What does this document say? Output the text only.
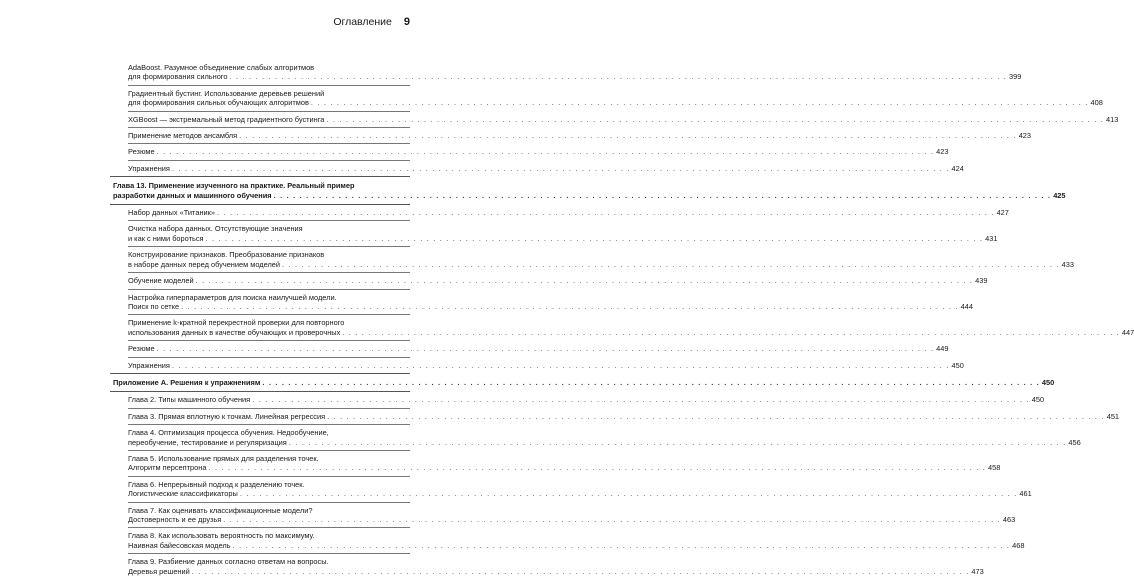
Оглавление 9
AdaBoost. Разумное объединение слабых алгоритмов
для формирования сильного . . . . . . . . . . . . . . . . . . . . . . . . . . . . . . . . . . . . . . . . . . . . . . . . . . . . . . . . . . . . . . . . . . . . . . . . . . . . . . . . . . . . . . . . . . . . . . . . . . . . . . . . . . . . . . . . . . . . . . . . 399
Градиентный бустинг. Использование деревьев решений
для формирования сильных обучающих алгоритмов . . . . . . . . . . . . . . . . . . . . . . . . . . . . . . . . . . . . . . . . . . . . . . . . . . . . . . . . . . . . . . . . . . . . . . . . . . . . . . . . . . . . . . . . . . . . . . . . . . . . . . . . . . . . . . . . . . . . . . . . 408
XGBoost — экстремальный метод градиентного бустинга . . . . . . . . . . . . . . . . . . . . . . . . . . . . . . . . . . . . . . . . . . . . . . . . . . . . . . . . . . . . . . . . . . . . . . . . . . . . . . . . . . . . . . . . . . . . . . . . . . . . . . . . . . . . . . . . . . . . . . . . 413
Применение методов ансамбля . . . . . . . . . . . . . . . . . . . . . . . . . . . . . . . . . . . . . . . . . . . . . . . . . . . . . . . . . . . . . . . . . . . . . . . . . . . . . . . . . . . . . . . . . . . . . . . . . . . . . . . . . . . . . . . . . . . . . . . . 423
Резюме . . . . . . . . . . . . . . . . . . . . . . . . . . . . . . . . . . . . . . . . . . . . . . . . . . . . . . . . . . . . . . . . . . . . . . . . . . . . . . . . . . . . . . . . . . . . . . . . . . . . . . . . . . . . . . . . . . . . . . . . 423
Упражнения . . . . . . . . . . . . . . . . . . . . . . . . . . . . . . . . . . . . . . . . . . . . . . . . . . . . . . . . . . . . . . . . . . . . . . . . . . . . . . . . . . . . . . . . . . . . . . . . . . . . . . . . . . . . . . . . . . . . . . . . 424
Глава 13. Применение изученного на практике. Реальный пример
разработки данных и машинного обучения . . . . . . . . . . . . . . . . . . . . . . . . . . . . . . . . . . . . . . . . . . . . . . . . . . . . . . . . . . . . . . . . . . . . . . . . . . . . . . . . . . . . . . . . . . . . . . . . . . . . . . . . . . . . . . . . . . . . . . . . 425
Набор данных «Титаник» . . . . . . . . . . . . . . . . . . . . . . . . . . . . . . . . . . . . . . . . . . . . . . . . . . . . . . . . . . . . . . . . . . . . . . . . . . . . . . . . . . . . . . . . . . . . . . . . . . . . . . . . . . . . . . . . . . . . . . . . 427
Очистка набора данных. Отсутствующие значения
и как с ними бороться . . . . . . . . . . . . . . . . . . . . . . . . . . . . . . . . . . . . . . . . . . . . . . . . . . . . . . . . . . . . . . . . . . . . . . . . . . . . . . . . . . . . . . . . . . . . . . . . . . . . . . . . . . . . . . . . . . . . . . . . 431
Конструирование признаков. Преобразование признаков
в наборе данных перед обучением моделей . . . . . . . . . . . . . . . . . . . . . . . . . . . . . . . . . . . . . . . . . . . . . . . . . . . . . . . . . . . . . . . . . . . . . . . . . . . . . . . . . . . . . . . . . . . . . . . . . . . . . . . . . . . . . . . . . . . . . . . . 433
Обучение моделей . . . . . . . . . . . . . . . . . . . . . . . . . . . . . . . . . . . . . . . . . . . . . . . . . . . . . . . . . . . . . . . . . . . . . . . . . . . . . . . . . . . . . . . . . . . . . . . . . . . . . . . . . . . . . . . . . . . . . . . . 439
Настройка гиперпараметров для поиска наилучшей модели.
Поиск по сетке . . . . . . . . . . . . . . . . . . . . . . . . . . . . . . . . . . . . . . . . . . . . . . . . . . . . . . . . . . . . . . . . . . . . . . . . . . . . . . . . . . . . . . . . . . . . . . . . . . . . . . . . . . . . . . . . . . . . . . . . 444
Применение k-кратной перекрестной проверки для повторного
использования данных в качестве обучающих и проверочных . . . . . . . . . . . . . . . . . . . . . . . . . . . . . . . . . . . . . . . . . . . . . . . . . . . . . . . . . . . . . . . . . . . . . . . . . . . . . . . . . . . . . . . . . . . . . . . . . . . . . . . . . . . . . . . . . . . . . . . . 447
Резюме . . . . . . . . . . . . . . . . . . . . . . . . . . . . . . . . . . . . . . . . . . . . . . . . . . . . . . . . . . . . . . . . . . . . . . . . . . . . . . . . . . . . . . . . . . . . . . . . . . . . . . . . . . . . . . . . . . . . . . . . 449
Упражнения . . . . . . . . . . . . . . . . . . . . . . . . . . . . . . . . . . . . . . . . . . . . . . . . . . . . . . . . . . . . . . . . . . . . . . . . . . . . . . . . . . . . . . . . . . . . . . . . . . . . . . . . . . . . . . . . . . . . . . . . 450
Приложение А. Решения к упражнениям . . . . . . . . . . . . . . . . . . . . . . . . . . . . . . . . . . . . . . . . . . . . . . . . . . . . . . . . . . . . . . . . . . . . . . . . . . . . . . . . . . . . . . . . . . . . . . . . . . . . . . . . . . . . . . . . . . . . . . . . 450
Глава 2. Типы машинного обучения . . . . . . . . . . . . . . . . . . . . . . . . . . . . . . . . . . . . . . . . . . . . . . . . . . . . . . . . . . . . . . . . . . . . . . . . . . . . . . . . . . . . . . . . . . . . . . . . . . . . . . . . . . . . . . . . . . . . . . . . 450
Глава 3. Прямая вплотную к точкам. Линейная регрессия . . . . . . . . . . . . . . . . . . . . . . . . . . . . . . . . . . . . . . . . . . . . . . . . . . . . . . . . . . . . . . . . . . . . . . . . . . . . . . . . . . . . . . . . . . . . . . . . . . . . . . . . . . . . . . . . . . . . . . . . 451
Глава 4. Оптимизация процесса обучения. Недообучение,
переобучение, тестирование и регуляризация . . . . . . . . . . . . . . . . . . . . . . . . . . . . . . . . . . . . . . . . . . . . . . . . . . . . . . . . . . . . . . . . . . . . . . . . . . . . . . . . . . . . . . . . . . . . . . . . . . . . . . . . . . . . . . . . . . . . . . . . 456
Глава 5. Использование прямых для разделения точек.
Алгоритм персептрона . . . . . . . . . . . . . . . . . . . . . . . . . . . . . . . . . . . . . . . . . . . . . . . . . . . . . . . . . . . . . . . . . . . . . . . . . . . . . . . . . . . . . . . . . . . . . . . . . . . . . . . . . . . . . . . . . . . . . . . . 458
Глава 6. Непрерывный подход к разделению точек.
Логистические классификаторы . . . . . . . . . . . . . . . . . . . . . . . . . . . . . . . . . . . . . . . . . . . . . . . . . . . . . . . . . . . . . . . . . . . . . . . . . . . . . . . . . . . . . . . . . . . . . . . . . . . . . . . . . . . . . . . . . . . . . . . . 461
Глава 7. Как оценивать классификационные модели?
Достоверность и ее друзья . . . . . . . . . . . . . . . . . . . . . . . . . . . . . . . . . . . . . . . . . . . . . . . . . . . . . . . . . . . . . . . . . . . . . . . . . . . . . . . . . . . . . . . . . . . . . . . . . . . . . . . . . . . . . . . . . . . . . . . . 463
Глава 8. Как использовать вероятность по максимуму.
Наивная байесовская модель . . . . . . . . . . . . . . . . . . . . . . . . . . . . . . . . . . . . . . . . . . . . . . . . . . . . . . . . . . . . . . . . . . . . . . . . . . . . . . . . . . . . . . . . . . . . . . . . . . . . . . . . . . . . . . . . . . . . . . . . 468
Глава 9. Разбиение данных согласно ответам на вопросы.
Деревья решений . . . . . . . . . . . . . . . . . . . . . . . . . . . . . . . . . . . . . . . . . . . . . . . . . . . . . . . . . . . . . . . . . . . . . . . . . . . . . . . . . . . . . . . . . . . . . . . . . . . . . . . . . . . . . . . . . . . . . . . . 473
